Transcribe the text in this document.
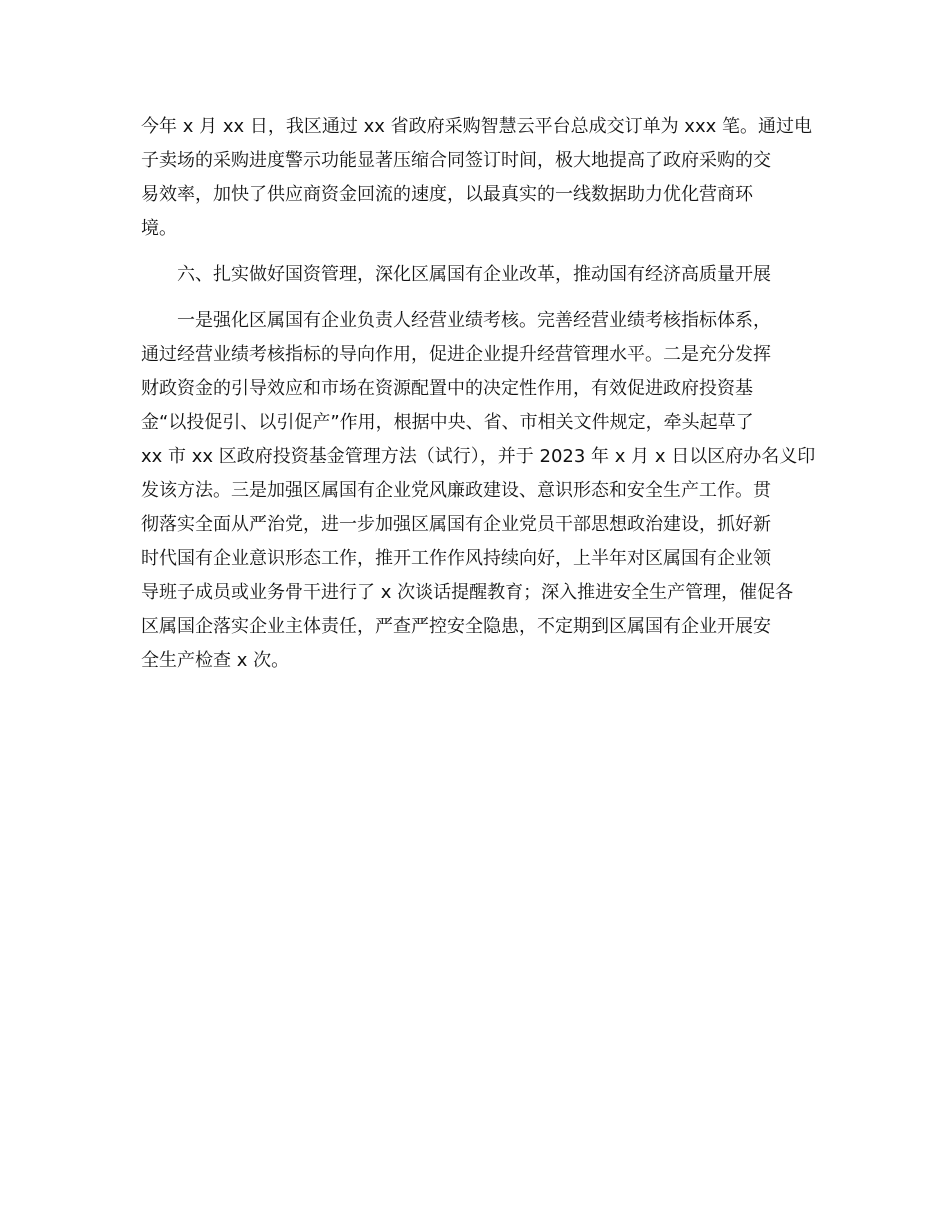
今年 x 月 xx 日，我区通过 xx 省政府采购智慧云平台总成交订单为 xxx 笔。通过电
子卖场的采购进度警示功能显著压缩合同签订时间，极大地提高了政府采购的交
易效率，加快了供应商资金回流的速度，以最真实的一线数据助力优化营商环
境。
六、扎实做好国资管理，深化区属国有企业改革，推动国有经济高质量开展
一是强化区属国有企业负责人经营业绩考核。完善经营业绩考核指标体系，
通过经营业绩考核指标的导向作用，促进企业提升经营管理水平。二是充分发挥
财政资金的引导效应和市场在资源配置中的决定性作用，有效促进政府投资基
金“以投促引、以引促产”作用，根据中央、省、市相关文件规定，牵头起草了
xx 市 xx 区政府投资基金管理方法（试行），并于 2023 年 x 月 x 日以区府办名义印
发该方法。三是加强区属国有企业党风廉政建设、意识形态和安全生产工作。贯
彻落实全面从严治党，进一步加强区属国有企业党员干部思想政治建设，抓好新
时代国有企业意识形态工作，推开工作作风持续向好，上半年对区属国有企业领
导班子成员或业务骨干进行了 x 次谈话提醒教育；深入推进安全生产管理，催促各
区属国企落实企业主体责任，严查严控安全隐患，不定期到区属国有企业开展安
全生产检查 x 次。
